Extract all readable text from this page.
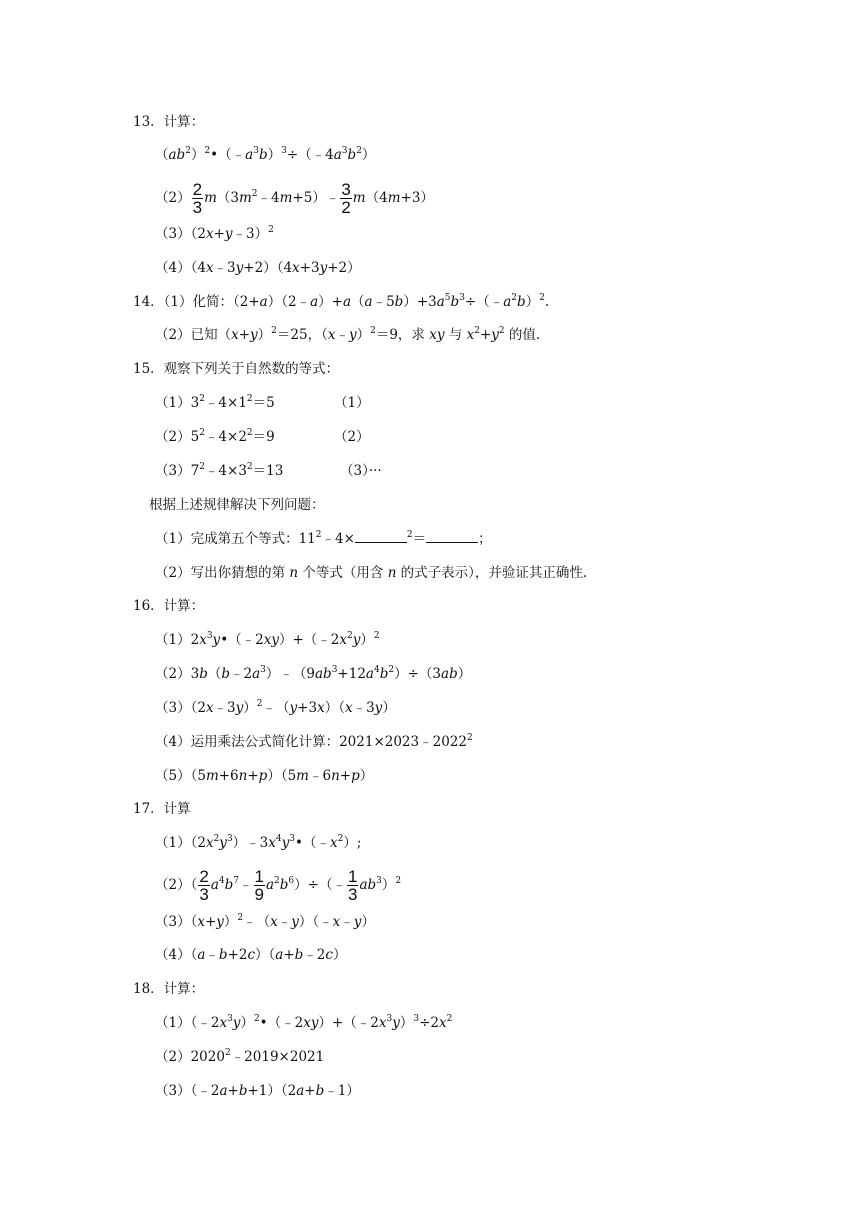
13．计算：
$(ab^2)^2•(﹣a^3b)^3\div(﹣4a^3b^2)$
$(2) \frac{2}{3}$ $m(3m^2﹣4m+5)﹣ \frac{3}{2} m(4m+3)$
（3）（2x+y﹣3）$^2$
（4）（4x﹣3y+2）（4x+3y+2）
14．（1）化简：$(2+a)(2﹣a)+a(a﹣5b)+3a^5b^3\div(﹣a^2b)^2$.
（2）已知$(x+y)^2=25$，（x﹣y）$^2$＝9，求 xy 与 $x^2+y^2$ 的值.
15．观察下列关于自然数的等式：
$(1)3^2﹣4\times 1^2=5$	（1）
$(2)5^2﹣4\times 2^2=9$	（2）
$(3)7^2﹣4\times 3^2=13$	（3）···
根据上述规律解决下列问题：
（1）完成第五个等式：$11^2﹣4\times$	$^2$＝	；
（2）写出你猜想的第 n 个等式（用含 n 的式子表示），并验证其正确性.
16．计算：
$(1)2x^3y•(﹣2xy)+(﹣2x^2y)^2$
$(2)3b(b﹣2a^3)﹣(9ab^3+12a^4b^2)\div(3ab)$
（3）（2x﹣3y）$^2$﹣（y+3x）（x﹣3y）
（4）运用乘法公式简化计算：$2021\times 2023﹣2022^2$
（5）（5m+6n+p）（5m﹣6n+p）
17．计算
$(1)(2x^2y^3)﹣3x^4y^3•(﹣x^2)$;
$(2)( \frac{2}{3}$ $a^4b^7﹣ \frac{1}{9}$ $a^2b^6)\div(﹣ \frac{1}{3} ab^3)^2$
$(3)(x+y)^2﹣(x﹣y)(﹣x﹣y)$
（4）（a﹣b+2c）（a+b﹣2c）
18．计算：
$(1)(﹣2x^3y)^2•(﹣2xy)+(﹣2x^3y)^3\div 2x^2$
$(2)2020^2﹣2019\times 2021$
（3）（﹣2a+b+1）（2a+b﹣1）
